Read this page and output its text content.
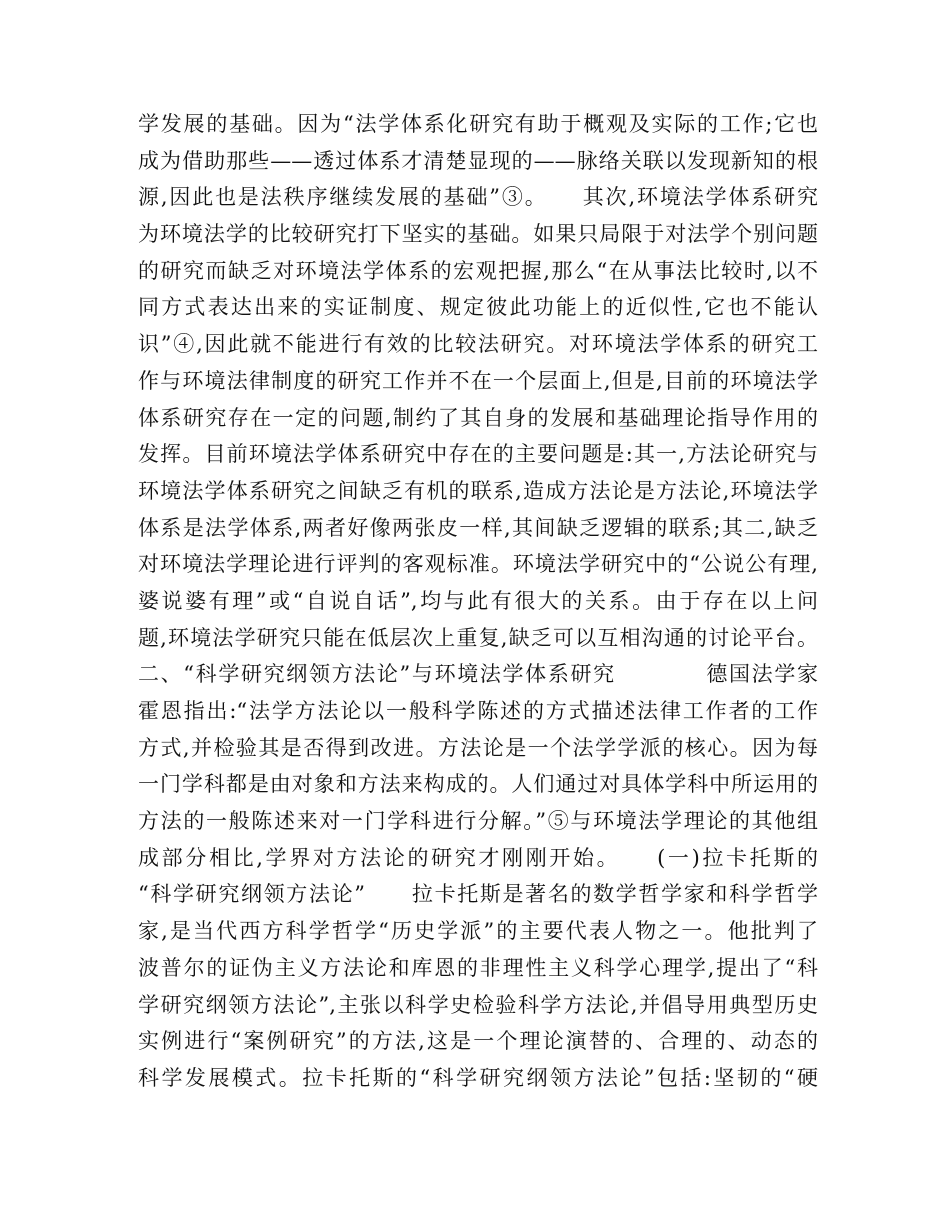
学发展的基础。因为“法学体系化研究有助于概观及实际的工作;它也
成为借助那些——透过体系才清楚显现的——脉络关联以发现新知的根
源,因此也是法秩序继续发展的基础”③。　　其次,环境法学体系研究
为环境法学的比较研究打下坚实的基础。如果只局限于对法学个别问题
的研究而缺乏对环境法学体系的宏观把握,那么“在从事法比较时,以不
同方式表达出来的实证制度、规定彼此功能上的近似性,它也不能认
识”④,因此就不能进行有效的比较法研究。对环境法学体系的研究工
作与环境法律制度的研究工作并不在一个层面上,但是,目前的环境法学
体系研究存在一定的问题,制约了其自身的发展和基础理论指导作用的
发挥。目前环境法学体系研究中存在的主要问题是:其一,方法论研究与
环境法学体系研究之间缺乏有机的联系,造成方法论是方法论,环境法学
体系是法学体系,两者好像两张皮一样,其间缺乏逻辑的联系;其二,缺乏
对环境法学理论进行评判的客观标准。环境法学研究中的“公说公有理,
婆说婆有理”或“自说自话”,均与此有很大的关系。由于存在以上问
题,环境法学研究只能在低层次上重复,缺乏可以互相沟通的讨论平台。
二、“科学研究纲领方法论”与环境法学体系研究　　　　德国法学家
霍恩指出:“法学方法论以一般科学陈述的方式描述法律工作者的工作
方式,并检验其是否得到改进。方法论是一个法学学派的核心。因为每
一门学科都是由对象和方法来构成的。人们通过对具体学科中所运用的
方法的一般陈述来对一门学科进行分解。”⑤与环境法学理论的其他组
成部分相比,学界对方法论的研究才刚刚开始。　　(一)拉卡托斯的
“科学研究纲领方法论”　　拉卡托斯是著名的数学哲学家和科学哲学
家,是当代西方科学哲学“历史学派”的主要代表人物之一。他批判了
波普尔的证伪主义方法论和库恩的非理性主义科学心理学,提出了“科
学研究纲领方法论”,主张以科学史检验科学方法论,并倡导用典型历史
实例进行“案例研究”的方法,这是一个理论演替的、合理的、动态的
科学发展模式。拉卡托斯的“科学研究纲领方法论”包括:坚韧的“硬
